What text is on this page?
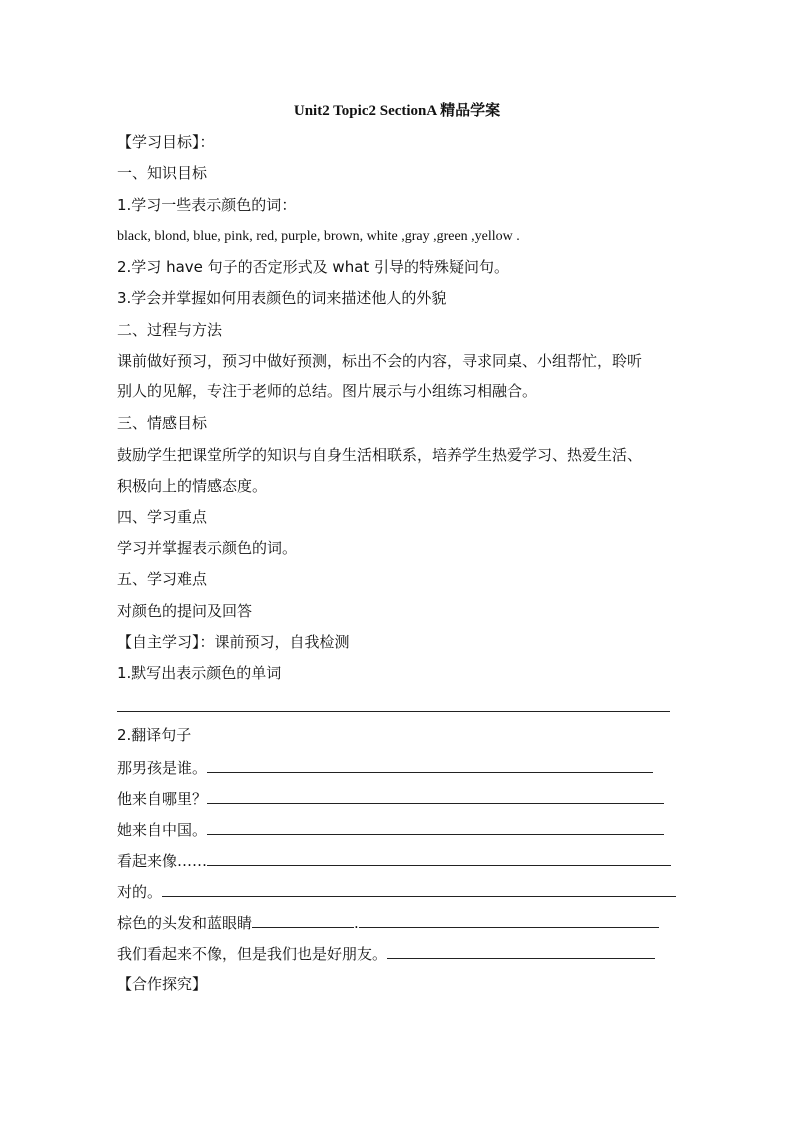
Unit2 Topic2 SectionA 精品学案
【学习目标】：
一、知识目标
1.学习一些表示颜色的词：
black, blond, blue, pink, red, purple, brown, white ,gray ,green ,yellow .
2.学习 have 句子的否定形式及 what 引导的特殊疑问句。
3.学会并掌握如何用表颜色的词来描述他人的外貌
二、过程与方法
课前做好预习，预习中做好预测，标出不会的内容，寻求同桌、小组帮忙，聆听
别人的见解，专注于老师的总结。图片展示与小组练习相融合。
三、情感目标
鼓励学生把课堂所学的知识与自身生活相联系，培养学生热爱学习、热爱生活、
积极向上的情感态度。
四、学习重点
学习并掌握表示颜色的词。
五、学习难点
对颜色的提问及回答
【自主学习】：课前预习，自我检测
1.默写出表示颜色的单词
2.翻译句子
那男孩是谁。
他来自哪里？
她来自中国。
看起来像……
对的。
棕色的头发和蓝眼睛	.
我们看起来不像，但是我们也是好朋友。
【合作探究】
